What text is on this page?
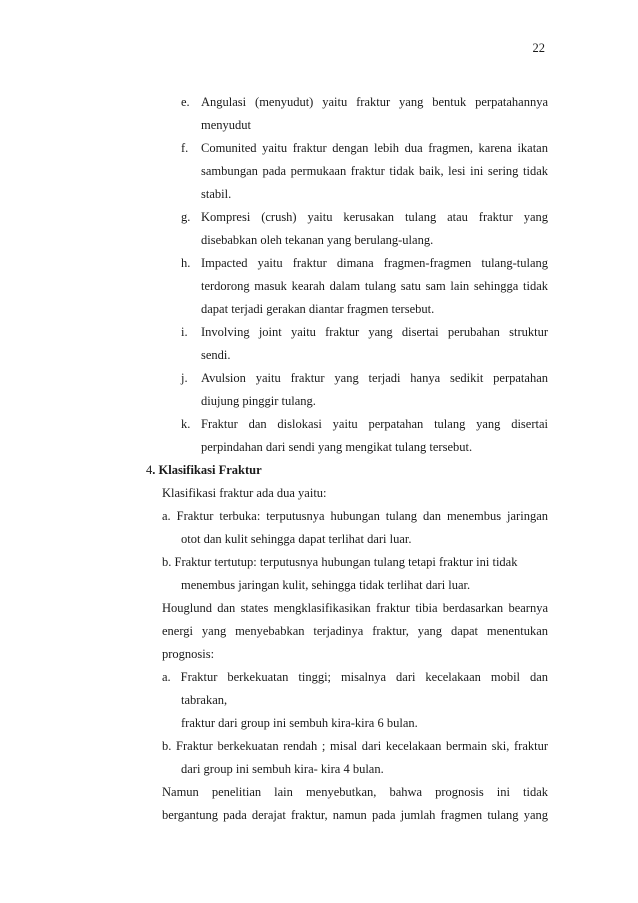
22
e. Angulasi (menyudut) yaitu fraktur yang bentuk perpatahannya
menyudut
f. Comunited yaitu fraktur dengan lebih dua fragmen, karena ikatan
sambungan pada permukaan fraktur tidak baik, lesi ini sering tidak
stabil.
g. Kompresi (crush) yaitu kerusakan tulang atau fraktur yang
disebabkan oleh tekanan yang berulang-ulang.
h. Impacted yaitu fraktur dimana fragmen-fragmen tulang-tulang
terdorong masuk kearah dalam tulang satu sam lain sehingga tidak
dapat terjadi gerakan diantar fragmen tersebut.
i. Involving joint yaitu fraktur yang disertai perubahan struktur
sendi.
j. Avulsion yaitu fraktur yang terjadi hanya sedikit perpatahan
diujung pinggir tulang.
k. Fraktur dan dislokasi yaitu perpatahan tulang yang disertai
perpindahan dari sendi yang mengikat tulang tersebut.
4. Klasifikasi Fraktur
Klasifikasi fraktur ada dua yaitu:
a. Fraktur terbuka: terputusnya hubungan tulang dan menembus jaringan
otot dan kulit sehingga dapat terlihat dari luar.
b. Fraktur tertutup: terputusnya hubungan tulang tetapi fraktur ini tidak
menembus jaringan kulit, sehingga tidak terlihat dari luar.
Houglund dan states mengklasifikasikan fraktur tibia berdasarkan bearnya
energi yang menyebabkan terjadinya fraktur, yang dapat menentukan
prognosis:
a. Fraktur berkekuatan tinggi; misalnya dari kecelakaan mobil dan
tabrakan,
fraktur dari group ini sembuh kira-kira 6 bulan.
b. Fraktur berkekuatan rendah ; misal dari kecelakaan bermain ski, fraktur
dari group ini sembuh kira- kira 4 bulan.
Namun penelitian lain menyebutkan, bahwa prognosis ini tidak
bergantung pada derajat fraktur, namun pada jumlah fragmen tulang yang
